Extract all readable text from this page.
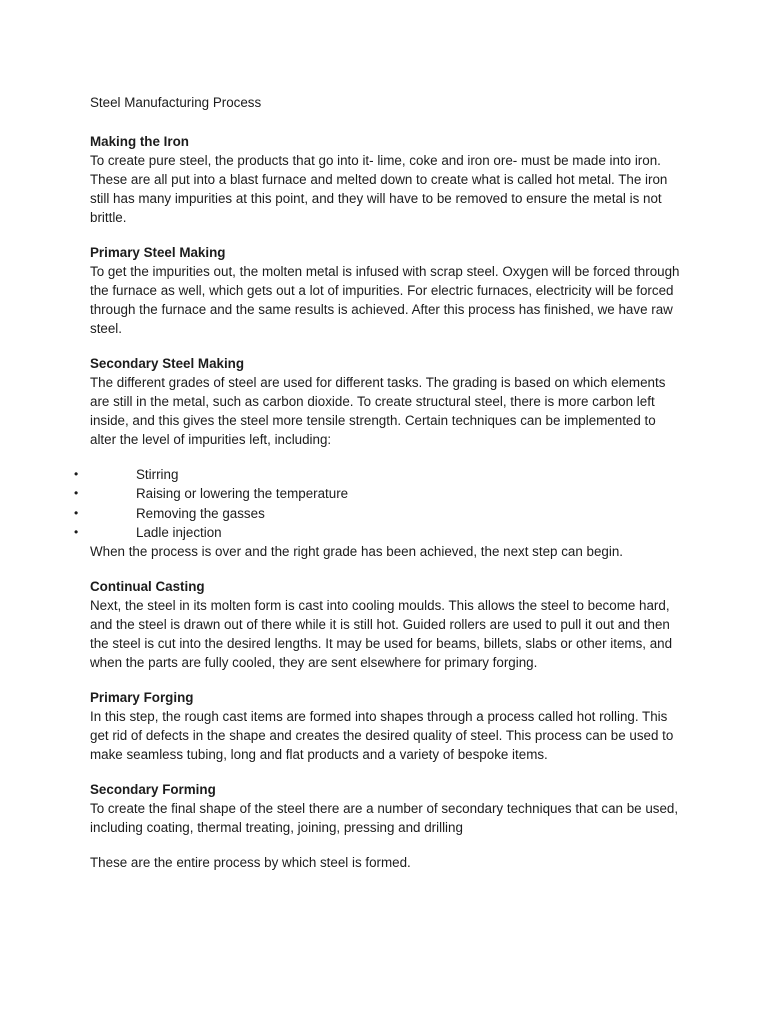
Steel Manufacturing Process

Making the Iron

To create pure steel, the products that go into it- lime, coke and iron ore- must be made into iron. These are all put into a blast furnace and melted down to create what is called hot metal. The iron still has many impurities at this point, and they will have to be removed to ensure the metal is not brittle.

Primary Steel Making

To get the impurities out, the molten metal is infused with scrap steel. Oxygen will be forced through the furnace as well, which gets out a lot of impurities. For electric furnaces, electricity will be forced through the furnace and the same results is achieved. After this process has finished, we have raw steel.

Secondary Steel Making

The different grades of steel are used for different tasks. The grading is based on which elements are still in the metal, such as carbon dioxide. To create structural steel, there is more carbon left inside, and this gives the steel more tensile strength. Certain techniques can be implemented to alter the level of impurities left, including:

•	Stirring
•	Raising or lowering the temperature
•	Removing the gasses
•	Ladle injection

When the process is over and the right grade has been achieved, the next step can begin.

Continual Casting

Next, the steel in its molten form is cast into cooling moulds. This allows the steel to become hard, and the steel is drawn out of there while it is still hot. Guided rollers are used to pull it out and then the steel is cut into the desired lengths. It may be used for beams, billets, slabs or other items, and when the parts are fully cooled, they are sent elsewhere for primary forging.

Primary Forging

In this step, the rough cast items are formed into shapes through a process called hot rolling. This get rid of defects in the shape and creates the desired quality of steel. This process can be used to make seamless tubing, long and flat products and a variety of bespoke items.

Secondary Forming

To create the final shape of the steel there are a number of secondary techniques that can be used, including coating, thermal treating, joining, pressing and drilling

These are the entire process by which steel is formed.
